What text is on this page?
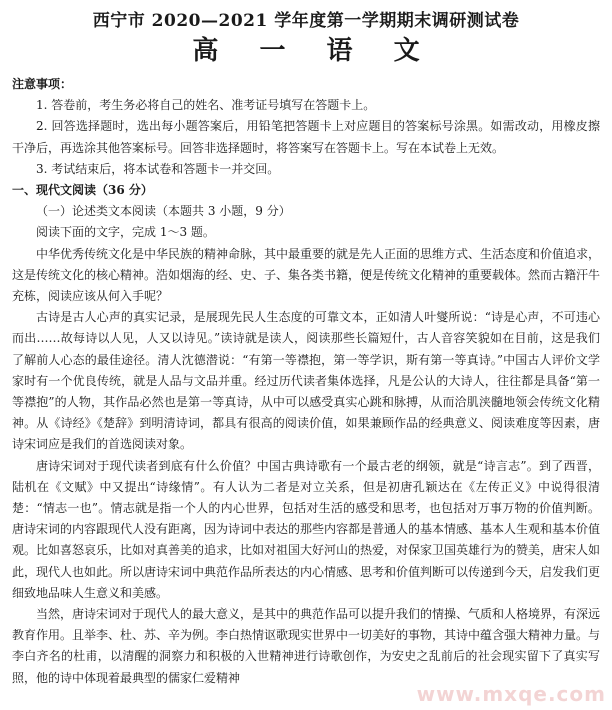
西宁市 2020—2021 学年度第一学期期末调研测试卷
高 一 语 文

注意事项：

1. 答卷前，考生务必将自己的姓名、准考证号填写在答题卡上。

2. 回答选择题时，选出每小题答案后，用铅笔把答题卡上对应题目的答案标号涂黑。如需改动，用橡皮擦干净后，再选涂其他答案标号。回答非选择题时，将答案写在答题卡上。写在本试卷上无效。

3. 考试结束后，将本试卷和答题卡一并交回。

一、现代文阅读（36 分）

（一）论述类文本阅读（本题共 3 小题，9 分）

阅读下面的文字，完成 1～3 题。

中华优秀传统文化是中华民族的精神命脉，其中最重要的就是先人正面的思维方式、生活态度和价值追求，这是传统文化的核心精神。浩如烟海的经、史、子、集各类书籍，便是传统文化精神的重要载体。然而古籍汗牛充栋，阅读应该从何入手呢？

古诗是古人心声的真实记录，是展现先民人生态度的可靠文本，正如清人叶燮所说：“诗是心声，不可违心而出……故每诗以人见，人又以诗见。”读诗就是读人，阅读那些长篇短什，古人音容笑貌如在目前，这是我们了解前人心态的最佳途径。清人沈德潜说：“有第一等襟抱，第一等学识，斯有第一等真诗。”中国古人评价文学家时有一个优良传统，就是人品与文品并重。经过历代读者集体选择，凡是公认的大诗人，往往都是具备“第一等襟抱”的人物，其作品必然也是第一等真诗，从中可以感受真实心跳和脉搏，从而洽肌浃髓地领会传统文化精神。从《诗经》《楚辞》到明清诗词，都具有很高的阅读价值，如果兼顾作品的经典意义、阅读难度等因素，唐诗宋词应是我们的首选阅读对象。

唐诗宋词对于现代读者到底有什么价值？中国古典诗歌有一个最古老的纲领，就是“诗言志”。到了西晋，陆机在《文赋》中又提出“诗缘情”。有人认为二者是对立关系，但是初唐孔颖达在《左传正义》中说得很清楚：“情志一也”。情志就是指一个人的内心世界，包括对生活的感受和思考，也包括对万事万物的价值判断。唐诗宋词的内容跟现代人没有距离，因为诗词中表达的那些内容都是普通人的基本情感、基本人生观和基本价值观。比如喜怒哀乐，比如对真善美的追求，比如对祖国大好河山的热爱，对保家卫国英雄行为的赞美，唐宋人如此，现代人也如此。所以唐诗宋词中典范作品所表达的内心情感、思考和价值判断可以传递到今天，启发我们更细致地品味人生意义和美感。

当然，唐诗宋词对于现代人的最大意义，是其中的典范作品可以提升我们的情操、气质和人格境界，有深远教育作用。且举李、杜、苏、辛为例。李白热情讴歌现实世界中一切美好的事物，其诗中蕴含强大精神力量。与李白齐名的杜甫，以清醒的洞察力和积极的入世精神进行诗歌创作，为安史之乱前后的社会现实留下了真实写照，他的诗中体现着最典型的儒家仁爱精神

www.mxqe.com
